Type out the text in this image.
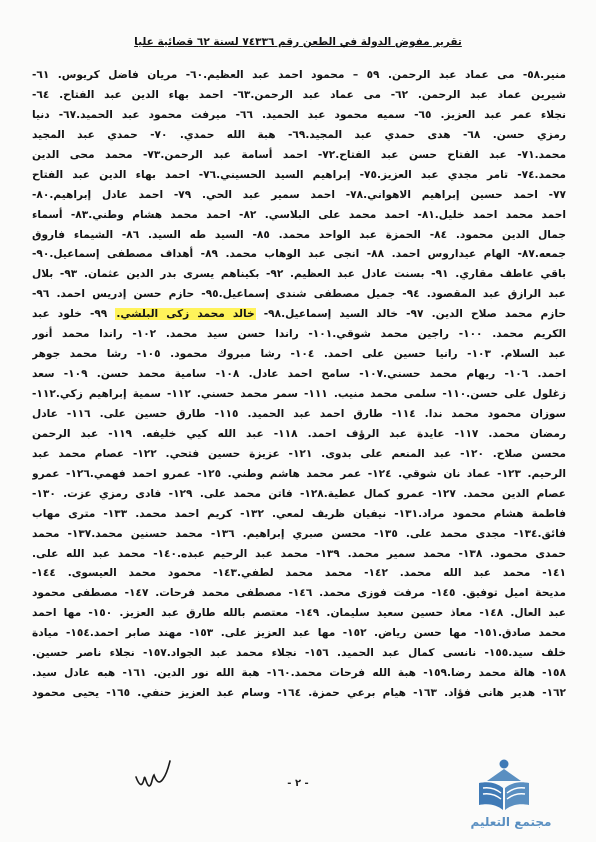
تقرير مفوض الدولة في الطعن رقم ٧٤٣٣٦ لسنة ٦٢ قضائية عليا
منير.٥٨- مى عماد عبد الرحمن. ٥٩ – محمود احمد عبد العظيم.٦٠- مريان فاضل كريوس. ٦١-
شيرين عماد عبد الرحمن. ٦٢- مى عماد عبد الرحمن.٦٣- احمد بهاء الدين عبد الفتاح. ٦٤-
نجلاء عمر عبد العزيز. ٦٥- سميه محمود عبد الحميد. ٦٦- ميرفت محمود عبد الحميد.٦٧- دنيا
رمزي حسن. ٦٨- هدى حمدي عبد المجيد.٦٩- هبة الله حمدي. ٧٠- حمدي عبد المجيد
محمد.٧١- عبد الفتاح حسن عبد الفتاح.٧٢- احمد أسامة عبد الرحمن.٧٣- محمد محى الدين
محمد.٧٤- تامر مجدي عبد العزيز.٧٥- إبراهيم السيد الحسيني.٧٦- احمد بهاء الدين عبد الفتاح
٧٧- احمد حسين إبراهيم الاهواني.٧٨- احمد سمير عبد الحي. ٧٩- احمد عادل إبراهيم.٨٠-
احمد محمد احمد خليل.٨١- احمد محمد على البلاسي. ٨٢- احمد محمد هشام وطني.٨٣- أسماء
جمال الدين محمود. ٨٤- الحمزة عبد الواحد محمد. ٨٥- السيد طه السيد. ٨٦- الشيماء فاروق
جمعه.٨٧- الهام عيداروس احمد. ٨٨- انجى عبد الوهاب محمد. ٨٩- أهداف مصطفى إسماعيل.٩٠-
باقي عاطف مقاري. ٩١- بسنت عادل عبد العظيم. ٩٢- بكيناهم يسرى بدر الدين عثمان. ٩٣- بلال
عبد الرازق عبد المقصود. ٩٤- جميل مصطفى شندى إسماعيل.٩٥- حازم حسن إدريس احمد. ٩٦-
حازم محمد صلاح الدين. ٩٧- خالد السيد إسماعيل.٩٨- خالد محمد زكى البلشي. ٩٩- خلود عبد
الكريم محمد. ١٠٠- راجين محمد شوقي.١٠١- راندا حسن سيد محمد. ١٠٢- راندا محمد أنور
عبد السلام. ١٠٣- رانيا حسين على احمد. ١٠٤- رشا مبروك محمود. ١٠٥- رشا محمد جوهر
احمد. ١٠٦- ريهام محمد حسني.١٠٧- سامح احمد عادل. ١٠٨- سامية محمد حسن. ١٠٩- سعد
زغلول على حسن.١١٠- سلمى محمد منيب. ١١١- سمر محمد حسني. ١١٢- سمية إبراهيم زكي.١١٢-
سوزان محمود محمد ندا. ١١٤- طارق احمد عبد الحميد. ١١٥- طارق حسين على. ١١٦- عادل
رمضان محمد. ١١٧- عايدة عبد الرؤف احمد. ١١٨- عبد الله كيي خليفه. ١١٩- عبد الرحمن
محسن صلاح. ١٢٠- عبد المنعم على بدوى. ١٢١- عزيزة حسين فتحي. ١٢٢- عصام محمد عبد
الرحيم. ١٢٣- عماد نان شوقي. ١٢٤- عمر محمد هاشم وطني. ١٢٥- عمرو احمد فهمي.١٢٦- عمرو
عصام الدين محمد. ١٢٧- عمرو كمال عطية.١٢٨- فاتن محمد على. ١٢٩- فادى رمزي عزت. ١٣٠-
فاطمة هشام محمود مراد.١٣١- نيفيان ظريف لمعي. ١٣٢- كريم احمد محمد. ١٣٣- مترى مهاب
فائق.١٣٤- مجدى محمد على. ١٣٥- محسن صبري إبراهيم. ١٣٦- محمد حسنين محمد.١٣٧- محمد
حمدى محمود. ١٣٨- محمد سمير محمد. ١٣٩- محمد عبد الرحيم عبده.١٤٠- محمد عبد الله على.
١٤١- محمد عبد الله محمد. ١٤٢- محمد محمد لطفي.١٤٣- محمود محمد العيسوى. ١٤٤-
مديحة اميل توفيق. ١٤٥- مرفت فوزى محمد. ١٤٦- مصطفى محمد فرحات. ١٤٧- مصطفى محمود
عبد العال. ١٤٨- معاذ حسين سعيد سليمان. ١٤٩- معتصم بالله طارق عبد العزيز. ١٥٠- مها احمد
محمد صادق.١٥١- مها حسن رياض. ١٥٢- مها عبد العزيز على. ١٥٣- مهند صابر احمد.١٥٤- ميادة
خلف سيد.١٥٥- نانسى كمال عبد الحميد. ١٥٦- نجلاء محمد عبد الجواد.١٥٧- نجلاء ناصر حسين.
١٥٨- هالة محمد رضا.١٥٩- هبة الله فرحات محمد.١٦٠- هبة الله نور الدين. ١٦١- هبه عادل سيد.
١٦٢- هدير هانى فؤاد. ١٦٣- هيام برعي حمزة. ١٦٤- وسام عبد العزيز حنفي. ١٦٥- يحيى محمود
- ٢ -
مجتمع التعليم
